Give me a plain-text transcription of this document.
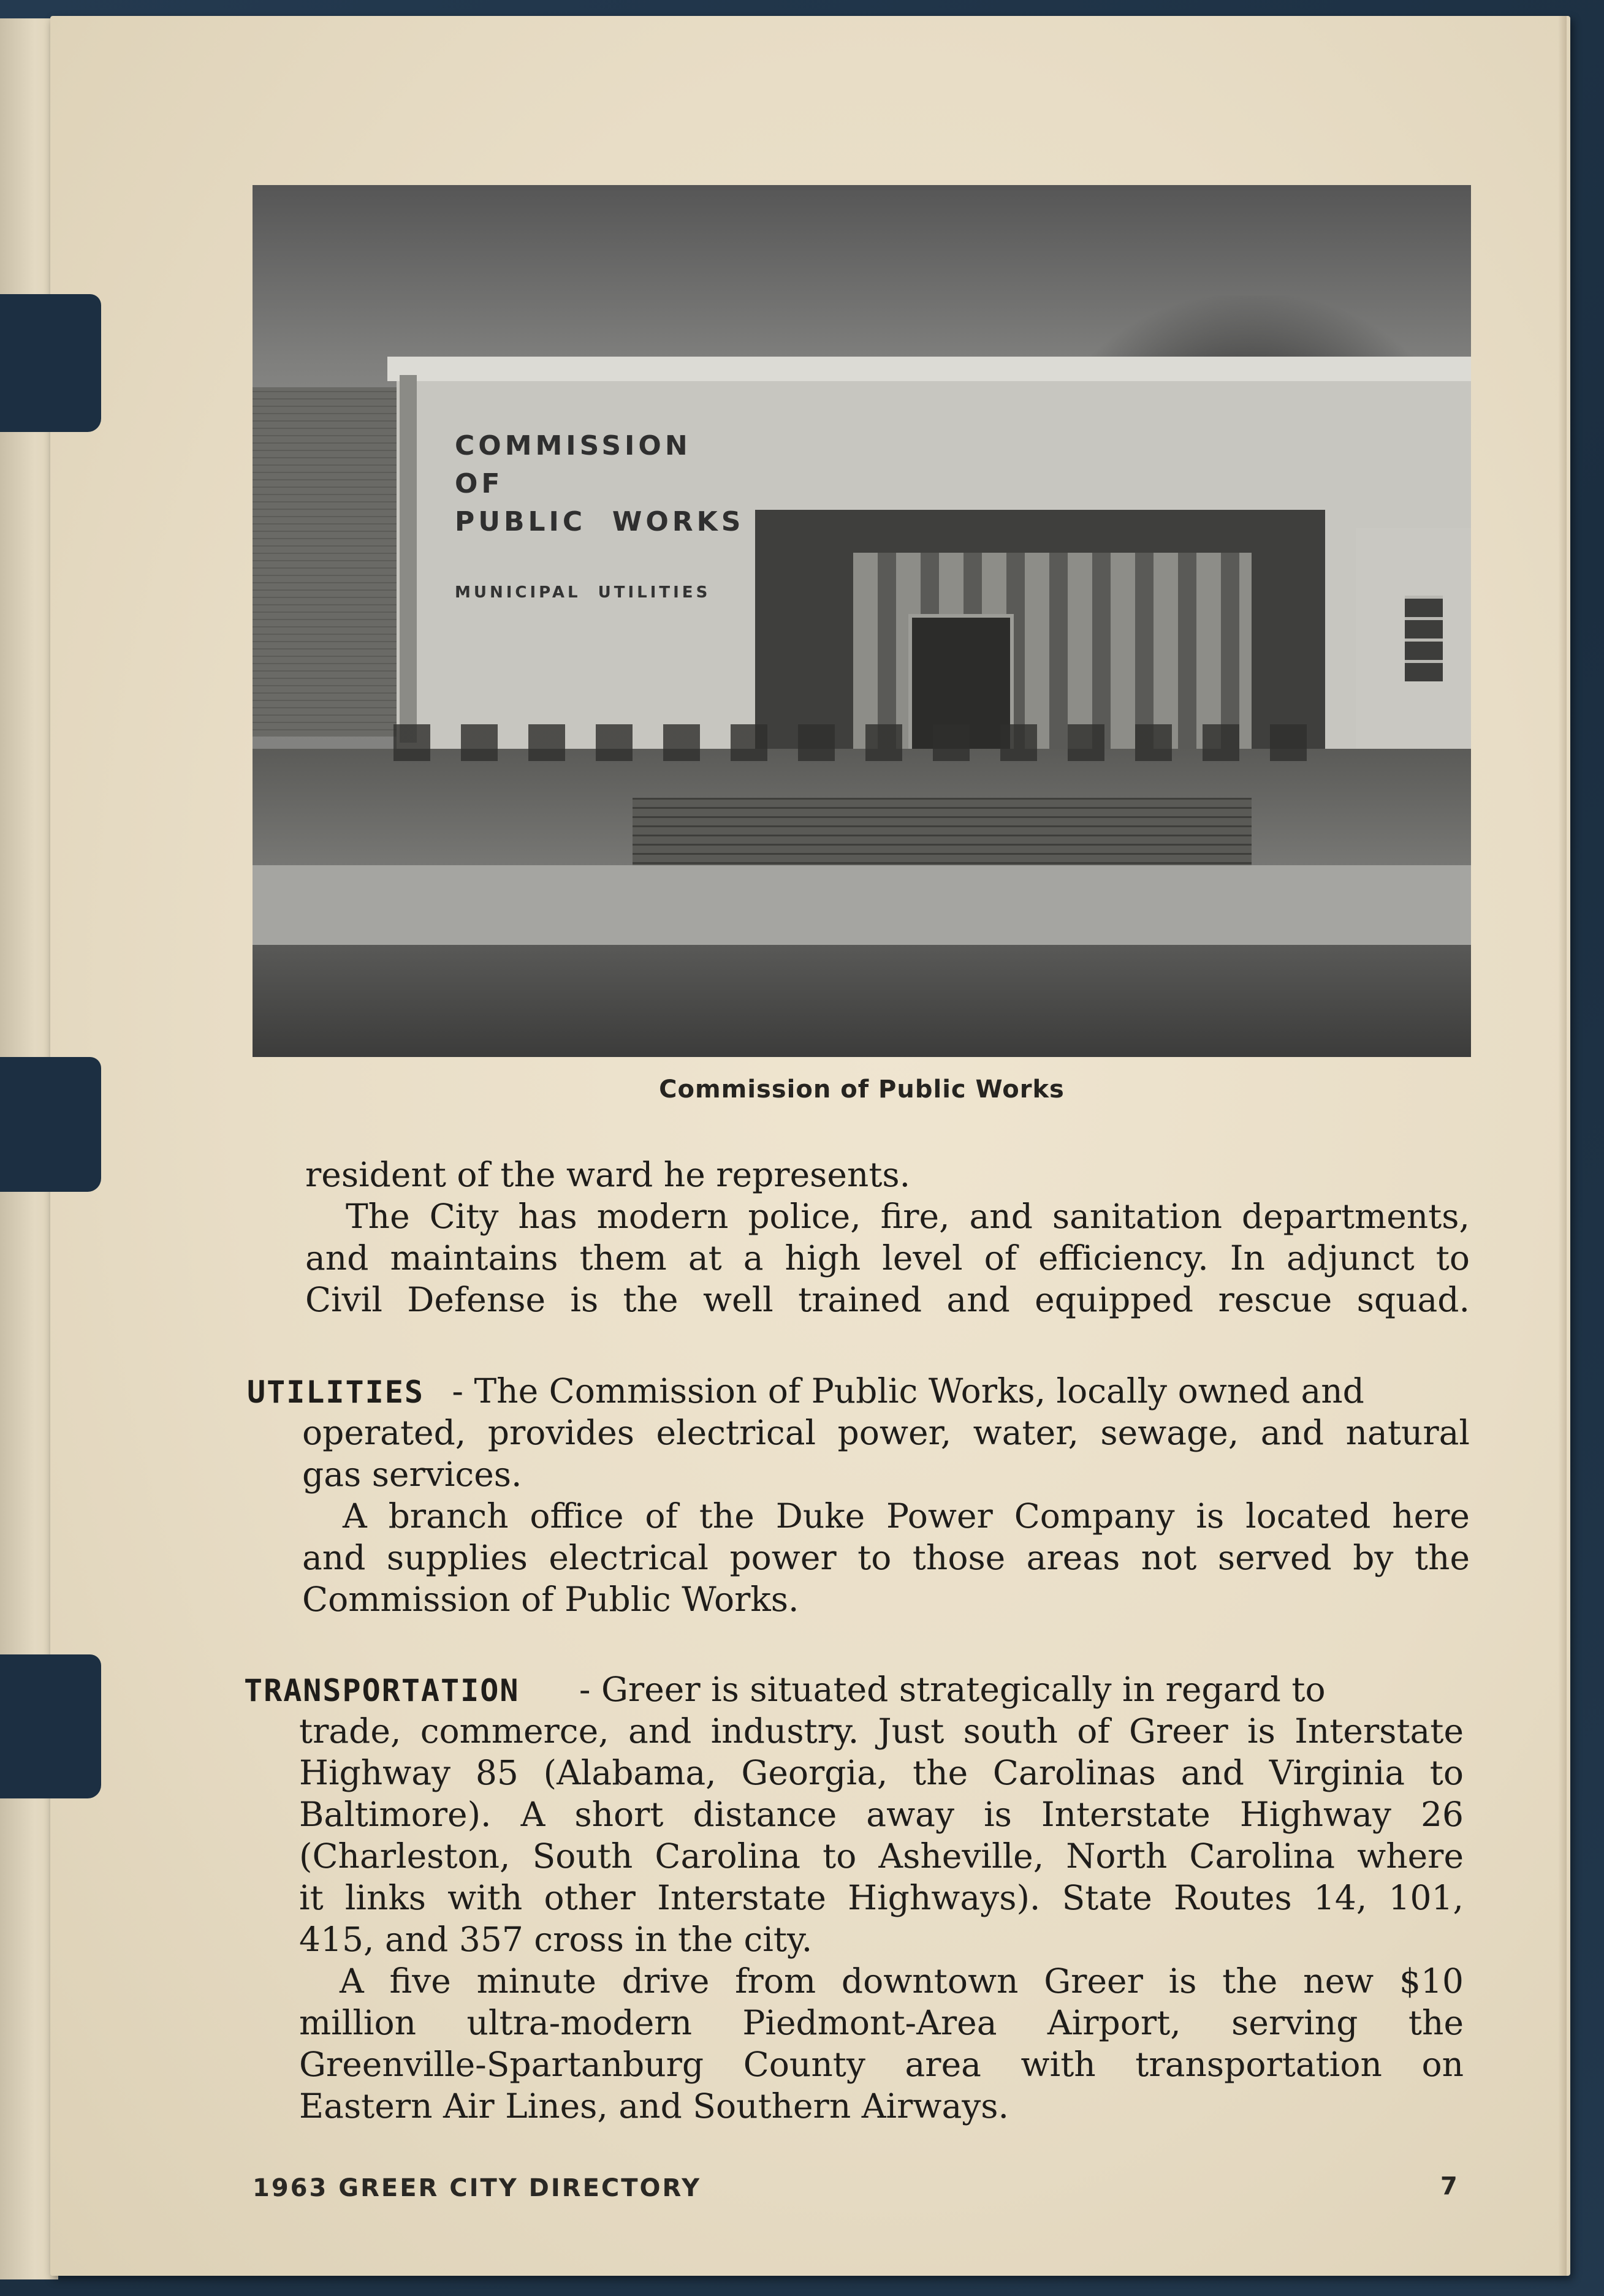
COMMISSION
OF
PUBLIC  WORKS
MUNICIPAL  UTILITIES
Commission of Public Works
resident of the ward he represents.
The City has modern police, fire, and sanitation departments,
and maintains them at a high level of efficiency. In adjunct to
Civil Defense is the well trained and equipped rescue squad.
UTILITIES - The Commission of Public Works, locally owned and
operated, provides electrical power, water, sewage, and natural
gas services.
A branch office of the Duke Power Company is located here
and supplies electrical power to those areas not served by the
Commission of Public Works.
TRANSPORTATION - Greer is situated strategically in regard to
trade, commerce, and industry. Just south of Greer is Interstate
Highway 85 (Alabama, Georgia, the Carolinas and Virginia to
Baltimore). A short distance away is Interstate Highway 26
(Charleston, South Carolina to Asheville, North Carolina where
it links with other Interstate Highways). State Routes 14, 101,
415, and 357 cross in the city.
A five minute drive from downtown Greer is the new $10
million ultra-modern Piedmont-Area Airport, serving the
Greenville-Spartanburg County area with transportation on
Eastern Air Lines, and Southern Airways.
1963 GREER CITY DIRECTORY	7
